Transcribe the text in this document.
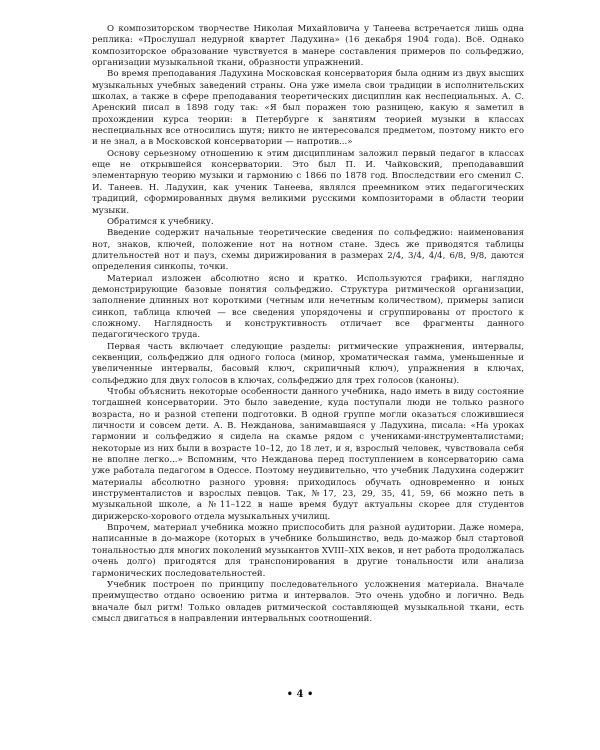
О композиторском творчестве Николая Михайловича у Танеева встречается лишь одна реплика: «Прослушал недурной квартет Ладухина» (16 декабря 1904 года). Всё. Однако композиторское образование чувствуется в манере составления примеров по сольфеджио, организации музыкальной ткани, образности упражнений.

Во время преподавания Ладухина Московская консерватория была одним из двух высших музыкальных учебных заведений страны. Она уже имела свои традиции в исполнительских школах, а также в сфере преподавания теоретических дисциплин как неспециальных. А. С. Аренский писал в 1898 году так: «Я был поражен тою разницею, какую я заметил в прохождении курса теории: в Петербурге к занятиям теорией музыки в классах неспециальных все относились шутя; никто не интересовался предметом, поэтому никто его и не знал, а в Московской консерватории — напротив...»

Основу серьезному отношению к этим дисциплинам заложил первый педагог в классах еще не открывшейся консерватории. Это был П. И. Чайковский, преподававший элементарную теорию музыки и гармонию с 1866 по 1878 год. Впоследствии его сменил С. И. Танеев. Н. Ладухин, как ученик Танеева, являлся преемником этих педагогических традиций, сформированных двумя великими русскими композиторами в области теории музыки.

Обратимся к учебнику.

Введение содержит начальные теоретические сведения по сольфеджио: наименования нот, знаков, ключей, положение нот на нотном стане. Здесь же приводятся таблицы длительностей нот и пауз, схемы дирижирования в размерах 2/4, 3/4, 4/4, 6/8, 9/8, даются определения синкопы, точки.

Материал изложен абсолютно ясно и кратко. Используются графики, наглядно демонстрирующие базовые понятия сольфеджио. Структура ритмической организации, заполнение длинных нот короткими (четным или нечетным количеством), примеры записи синкоп, таблица ключей — все сведения упорядочены и сгруппированы от простого к сложному. Наглядность и конструктивность отличает все фрагменты данного педагогического труда.

Первая часть включает следующие разделы: ритмические упражнения, интервалы, секвенции, сольфеджио для одного голоса (минор, хроматическая гамма, уменьшенные и увеличенные интервалы, басовый ключ, скрипичный ключ), упражнения в ключах, сольфеджио для двух голосов в ключах, сольфеджио для трех голосов (каноны).

Чтобы объяснить некоторые особенности данного учебника, надо иметь в виду состояние тогдашней консерватории. Это было заведение, куда поступали люди не только разного возраста, но и разной степени подготовки. В одной группе могли оказаться сложившиеся личности и совсем дети. А. В. Неждановa, занимавшаяся у Ладухина, писала: «На уроках гармонии и сольфеджио я сидела на скамье рядом с учениками-инструменталистами; некоторые из них были в возрасте 10–12, до 18 лет, и я, взрослый человек, чувствовала себя не вполне легко...» Вспомним, что Нежданова перед поступлением в консерваторию сама уже работала педагогом в Одессе. Поэтому неудивительно, что учебник Ладухина содержит материалы абсолютно разного уровня: приходилось обучать одновременно и юных инструменталистов и взрослых певцов. Так, №17, 23, 29, 35, 41, 59, 66 можно петь в музыкальной школе, а №11–122 в наше время будут актуальны скорее для студентов дирижерско-хорового отдела музыкальных училищ.

Впрочем, материал учебника можно приспособить для разной аудитории. Даже номера, написанные в до-мажоре (которых в учебнике большинство, ведь до-мажор был стартовой тональностью для многих поколений музыкантов XVIII–XIX веков, и нет работа продолжалась очень долго) пригодятся для транспонирования в другие тональности или анализа гармонических последовательностей.

Учебник построен по принципу последовательного усложнения материала. Вначале преимущество отдано освоению ритма и интервалов. Это очень удобно и логично. Ведь вначале был ритм! Только овладев ритмической составляющей музыкальной ткани, есть смысл двигаться в направлении интервальных соотношений.

• 4 •
